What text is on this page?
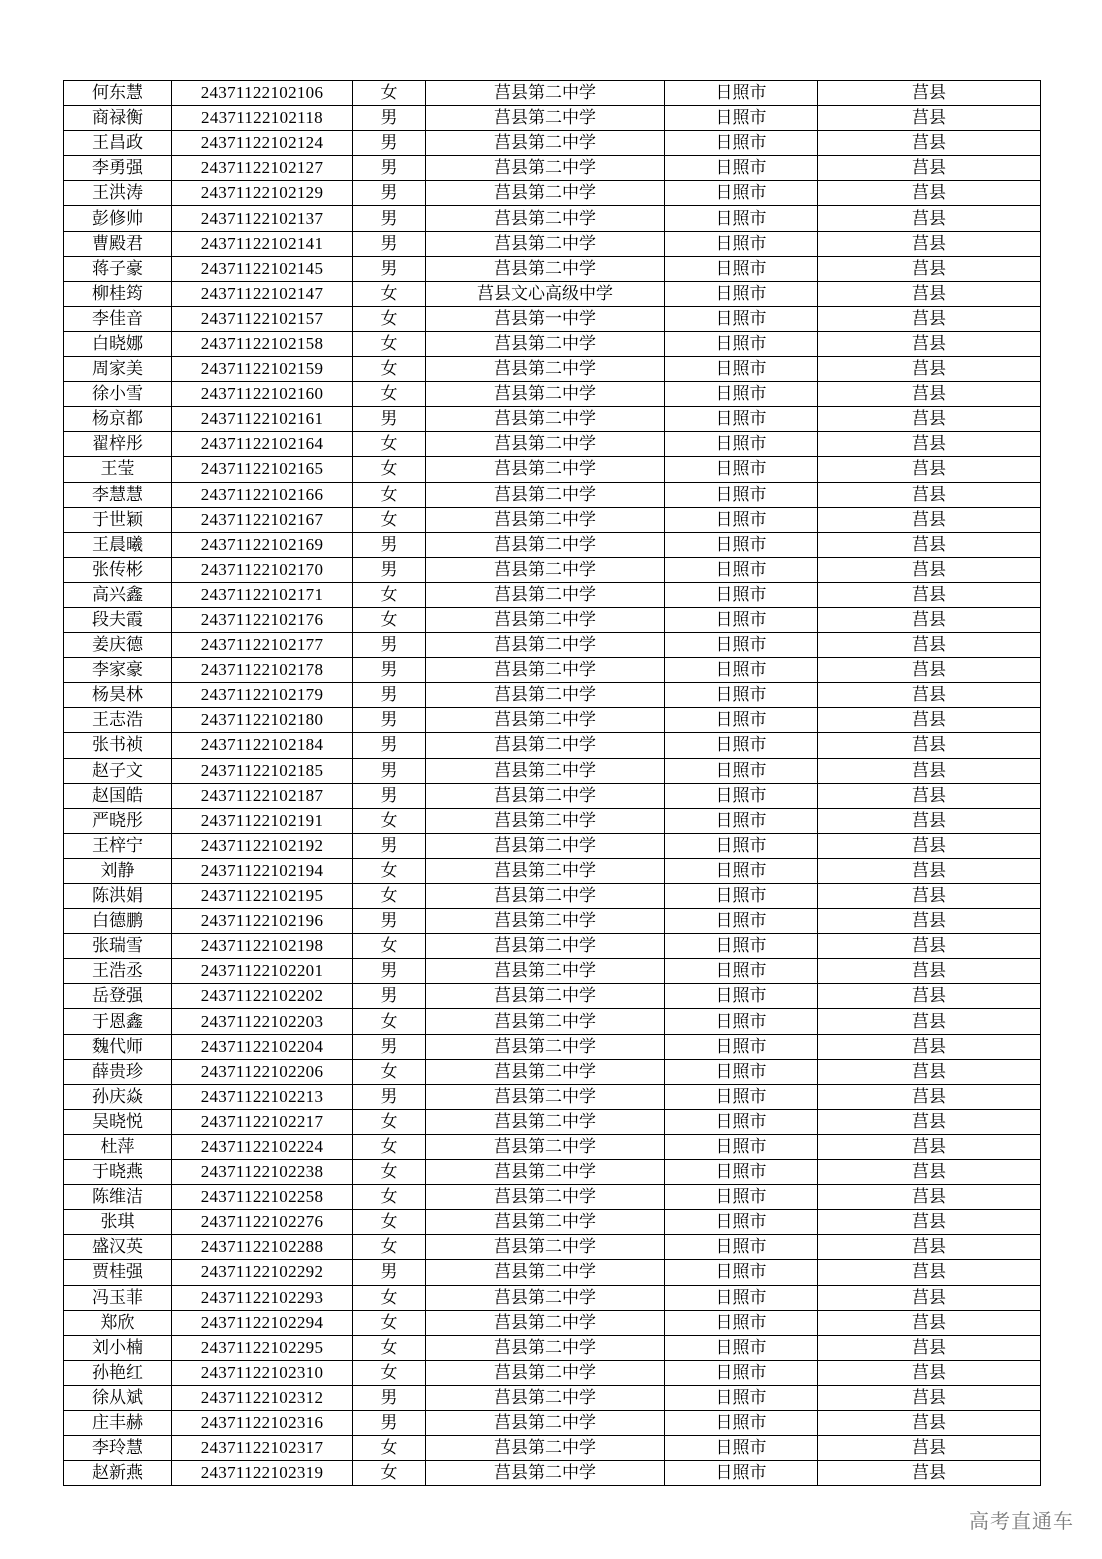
何东慧	24371122102106	女	莒县第二中学	日照市	莒县
商禄衡	24371122102118	男	莒县第二中学	日照市	莒县
王昌政	24371122102124	男	莒县第二中学	日照市	莒县
李勇强	24371122102127	男	莒县第二中学	日照市	莒县
王洪涛	24371122102129	男	莒县第二中学	日照市	莒县
彭修帅	24371122102137	男	莒县第二中学	日照市	莒县
曹殿君	24371122102141	男	莒县第二中学	日照市	莒县
蒋子豪	24371122102145	男	莒县第二中学	日照市	莒县
柳桂筠	24371122102147	女	莒县文心高级中学	日照市	莒县
李佳音	24371122102157	女	莒县第一中学	日照市	莒县
白晓娜	24371122102158	女	莒县第二中学	日照市	莒县
周家美	24371122102159	女	莒县第二中学	日照市	莒县
徐小雪	24371122102160	女	莒县第二中学	日照市	莒县
杨京都	24371122102161	男	莒县第二中学	日照市	莒县
翟梓彤	24371122102164	女	莒县第二中学	日照市	莒县
王莹	24371122102165	女	莒县第二中学	日照市	莒县
李慧慧	24371122102166	女	莒县第二中学	日照市	莒县
于世颖	24371122102167	女	莒县第二中学	日照市	莒县
王晨曦	24371122102169	男	莒县第二中学	日照市	莒县
张传彬	24371122102170	男	莒县第二中学	日照市	莒县
高兴鑫	24371122102171	女	莒县第二中学	日照市	莒县
段夫霞	24371122102176	女	莒县第二中学	日照市	莒县
姜庆德	24371122102177	男	莒县第二中学	日照市	莒县
李家豪	24371122102178	男	莒县第二中学	日照市	莒县
杨昊林	24371122102179	男	莒县第二中学	日照市	莒县
王志浩	24371122102180	男	莒县第二中学	日照市	莒县
张书祯	24371122102184	男	莒县第二中学	日照市	莒县
赵子文	24371122102185	男	莒县第二中学	日照市	莒县
赵国皓	24371122102187	男	莒县第二中学	日照市	莒县
严晓彤	24371122102191	女	莒县第二中学	日照市	莒县
王梓宁	24371122102192	男	莒县第二中学	日照市	莒县
刘静	24371122102194	女	莒县第二中学	日照市	莒县
陈洪娟	24371122102195	女	莒县第二中学	日照市	莒县
白德鹏	24371122102196	男	莒县第二中学	日照市	莒县
张瑞雪	24371122102198	女	莒县第二中学	日照市	莒县
王浩丞	24371122102201	男	莒县第二中学	日照市	莒县
岳登强	24371122102202	男	莒县第二中学	日照市	莒县
于恩鑫	24371122102203	女	莒县第二中学	日照市	莒县
魏代师	24371122102204	男	莒县第二中学	日照市	莒县
薛贵珍	24371122102206	女	莒县第二中学	日照市	莒县
孙庆焱	24371122102213	男	莒县第二中学	日照市	莒县
吴晓悦	24371122102217	女	莒县第二中学	日照市	莒县
杜萍	24371122102224	女	莒县第二中学	日照市	莒县
于晓燕	24371122102238	女	莒县第二中学	日照市	莒县
陈维洁	24371122102258	女	莒县第二中学	日照市	莒县
张琪	24371122102276	女	莒县第二中学	日照市	莒县
盛汉英	24371122102288	女	莒县第二中学	日照市	莒县
贾桂强	24371122102292	男	莒县第二中学	日照市	莒县
冯玉菲	24371122102293	女	莒县第二中学	日照市	莒县
郑欣	24371122102294	女	莒县第二中学	日照市	莒县
刘小楠	24371122102295	女	莒县第二中学	日照市	莒县
孙艳红	24371122102310	女	莒县第二中学	日照市	莒县
徐从斌	24371122102312	男	莒县第二中学	日照市	莒县
庄丰赫	24371122102316	男	莒县第二中学	日照市	莒县
李玲慧	24371122102317	女	莒县第二中学	日照市	莒县
赵新燕	24371122102319	女	莒县第二中学	日照市	莒县
高考直通车
